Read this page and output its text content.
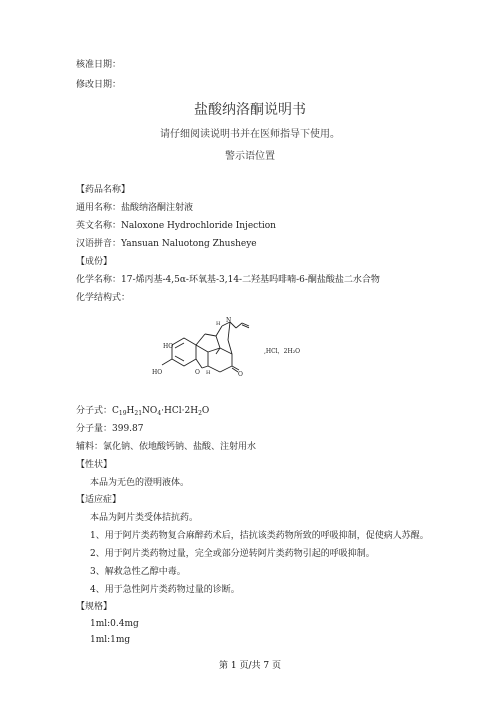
核准日期：
修改日期：
盐酸纳洛酮说明书
请仔细阅读说明书并在医师指导下使用。
警示语位置
【药品名称】
通用名称：盐酸纳洛酮注射液
英文名称：Naloxone Hydrochloride Injection
汉语拼音：Yansuan Naluotong Zhusheye
【成份】
化学名称：17-烯丙基-4,5α-环氧基-3,14-二羟基吗啡喃-6-酮盐酸盐二水合物
化学结构式：
HO
HO
O	O
N
H
H
,HCl，2H₂O
分子式：$C_{19}H_{21}NO_4\cdot HCl\cdot 2H_2O$
分子量：399.87
辅料：氯化钠、依地酸钙钠、盐酸、注射用水
【性状】
本品为无色的澄明液体。
【适应症】
本品为阿片类受体拮抗药。
1、用于阿片类药物复合麻醉药术后，拮抗该类药物所致的呼吸抑制，促使病人苏醒。
2、用于阿片类药物过量，完全或部分逆转阿片类药物引起的呼吸抑制。
3、解救急性乙醇中毒。
4、用于急性阿片类药物过量的诊断。
【规格】
1ml:0.4mg
1ml:1mg
第 1 页/共 7 页
